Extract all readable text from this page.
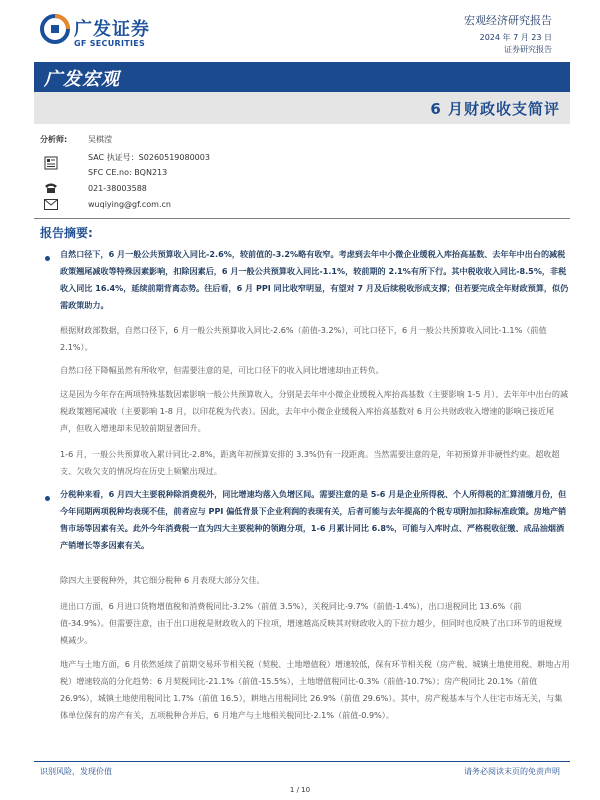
广发证券
GF SECURITIES
宏观经济研究报告
2024 年 7 月 23 日
证券研究报告
广发宏观
6 月财政收支简评
分析师:	吴棋滢
SAC 执证号：S0260519080003
SFC CE.no: BQN213
021-38003588
wuqiying@gf.com.cn
报告摘要:

自然口径下，6 月一般公共预算收入同比-2.6%，较前值的-3.2%略有收窄。考虑到去年中小微企业缓税入库抬高基数、去年年中出台的减税政策翘尾减收等特殊因素影响，扣除因素后，6 月一般公共预算收入同比-1.1%，较前期的 2.1%有所下行。其中税收收入同比-8.5%，非税收入同比 16.4%，延续前期背离态势。往后看，6 月 PPI 同比收窄明显，有望对 7 月及后续税收形成支撑；但若要完成全年财政预算，似仍需政策助力。

根据财政部数据，自然口径下，6 月一般公共预算收入同比-2.6%（前值-3.2%），可比口径下，6 月一般公共预算收入同比-1.1%（前值 2.1%）。

自然口径下降幅虽然有所收窄，但需要注意的是，可比口径下的收入同比增速却由正转负。

这是因为今年存在两项特殊基数因素影响一般公共预算收入，分别是去年中小微企业缓税入库抬高基数（主要影响 1-5 月）、去年年中出台的减税政策翘尾减收（主要影响 1-8 月，以印花税为代表）。因此，去年中小微企业缓税入库抬高基数对 6 月公共财政收入增速的影响已接近尾声，但收入增速却未见较前期显著回升。

1-6 月，一般公共预算收入累计同比-2.8%，距离年初预算安排的 3.3%仍有一段距离。当然需要注意的是，年初预算并非硬性约束。超收超支、欠收欠支的情况均在历史上频繁出现过。

分税种来看，6 月四大主要税种除消费税外，同比增速均落入负增区间。需要注意的是 5-6 月是企业所得税、个人所得税的汇算清缴月份，但今年同期两项税种均表现不佳，前者应与 PPI 偏低背景下企业利润的表现有关，后者可能与去年提高的个税专项附加扣除标准政策。房地产销售市场等因素有关。此外今年消费税一直为四大主要税种的领跑分项，1-6 月累计同比 6.8%，可能与入库时点、严格税收征缴、成品油烟酒产销增长等多因素有关。

除四大主要税种外，其它细分税种 6 月表现大部分欠佳。

进出口方面，6 月进口货物增值税和消费税同比-3.2%（前值 3.5%），关税同比-9.7%（前值-1.4%），出口退税同比 13.6%（前值-34.9%）。但需要注意，由于出口退税是财政收入的下拉项，增速越高反映其对财政收入的下拉力越少，但同时也反映了出口环节的退税规模减少。

地产与土地方面，6 月依然延续了前期交易环节相关税（契税、土地增值税）增速较低，保有环节相关税（房产税、城镇土地使用税、耕地占用税）增速较高的分化趋势：6 月契税同比-21.1%（前值-15.5%），土地增值税同比-0.3%（前值-10.7%）；房产税同比 20.1%（前值 26.9%），城镇土地使用税同比 1.7%（前值 16.5），耕地占用税同比 26.9%（前值 29.6%）。其中，房产税基本与个人住宅市场无关，与集体单位保有的房产有关，五项税种合并后，6 月地产与土地相关税同比-2.1%（前值-0.9%）。

识别风险，发现价值	请务必阅读末页的免责声明
1 / 10
